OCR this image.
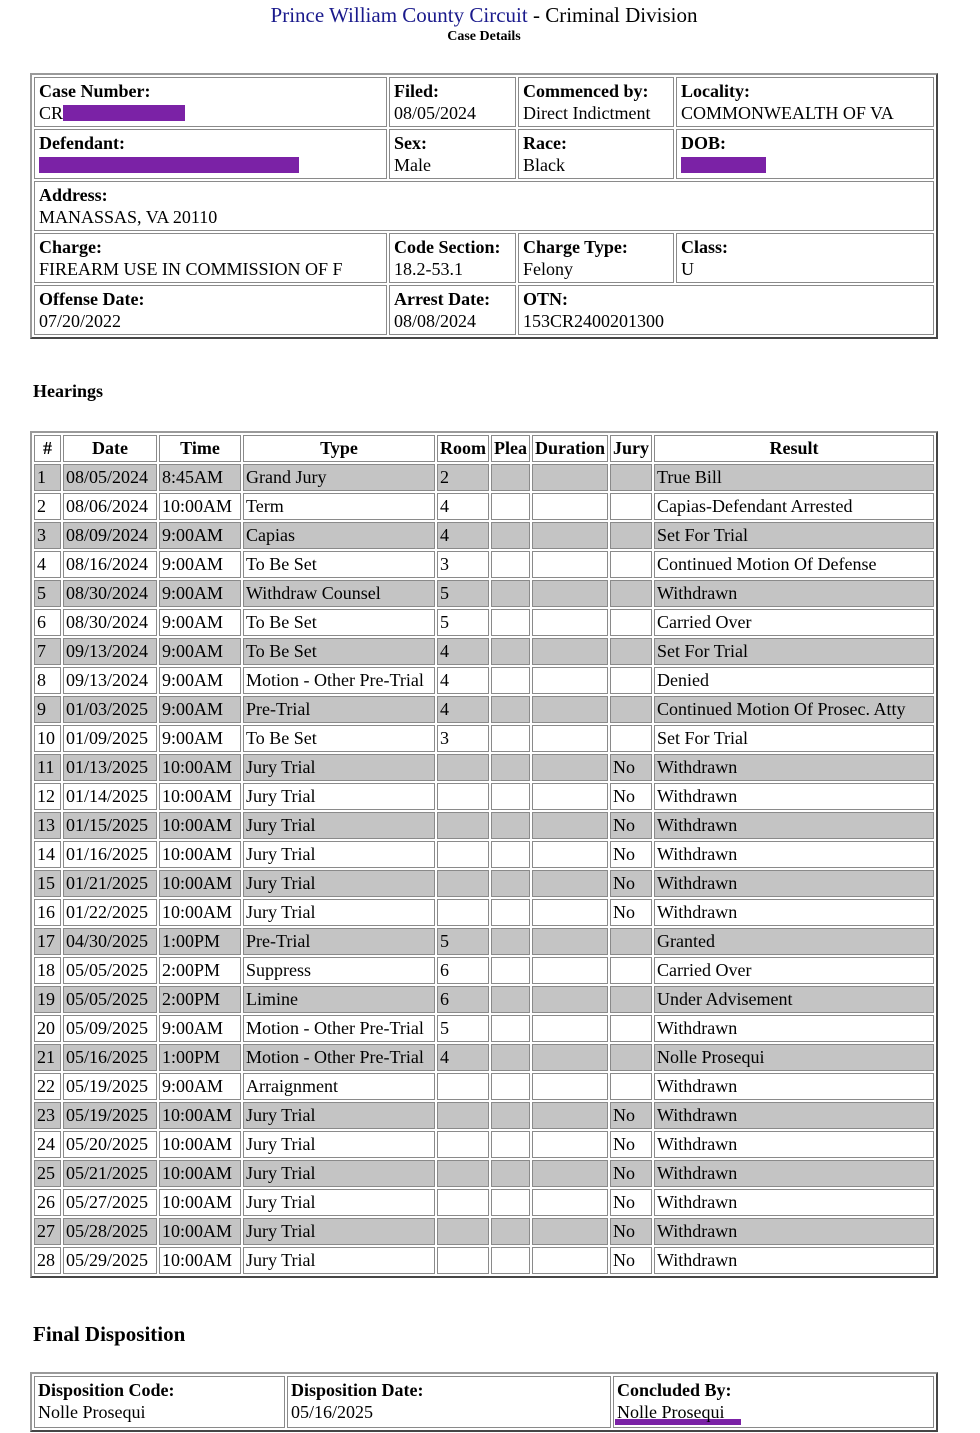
Prince William County Circuit - Criminal Division
Case Details
Case Number:
CR	Filed:
08/05/2024	Commenced by:
Direct Indictment	Locality:
COMMONWEALTH OF VA

Defendant:	Sex:
Male	Race:
Black	DOB:

Address:
MANASSAS, VA 20110			

Charge:
FIREARM USE IN COMMISSION OF F	Code Section:
18.2-53.1	Charge Type:
Felony	Class:
U

Offense Date:
07/20/2022	Arrest Date:
08/08/2024	OTN:
153CR2400201300	
Hearings
#	Date	Time	Type	Room	Plea	Duration	Jury	Result
1	08/05/2024	8:45AM	Grand Jury	2				True Bill
2	08/06/2024	10:00AM	Term	4				Capias-Defendant Arrested
3	08/09/2024	9:00AM	Capias	4				Set For Trial
4	08/16/2024	9:00AM	To Be Set	3				Continued Motion Of Defense
5	08/30/2024	9:00AM	Withdraw Counsel	5				Withdrawn
6	08/30/2024	9:00AM	To Be Set	5				Carried Over
7	09/13/2024	9:00AM	To Be Set	4				Set For Trial
8	09/13/2024	9:00AM	Motion - Other Pre-Trial	4				Denied
9	01/03/2025	9:00AM	Pre-Trial	4				Continued Motion Of Prosec. Atty
10	01/09/2025	9:00AM	To Be Set	3				Set For Trial
11	01/13/2025	10:00AM	Jury Trial				No	Withdrawn
12	01/14/2025	10:00AM	Jury Trial				No	Withdrawn
13	01/15/2025	10:00AM	Jury Trial				No	Withdrawn
14	01/16/2025	10:00AM	Jury Trial				No	Withdrawn
15	01/21/2025	10:00AM	Jury Trial				No	Withdrawn
16	01/22/2025	10:00AM	Jury Trial				No	Withdrawn
17	04/30/2025	1:00PM	Pre-Trial	5				Granted
18	05/05/2025	2:00PM	Suppress	6				Carried Over
19	05/05/2025	2:00PM	Limine	6				Under Advisement
20	05/09/2025	9:00AM	Motion - Other Pre-Trial	5				Withdrawn
21	05/16/2025	1:00PM	Motion - Other Pre-Trial	4				Nolle Prosequi
22	05/19/2025	9:00AM	Arraignment					Withdrawn
23	05/19/2025	10:00AM	Jury Trial				No	Withdrawn
24	05/20/2025	10:00AM	Jury Trial				No	Withdrawn
25	05/21/2025	10:00AM	Jury Trial				No	Withdrawn
26	05/27/2025	10:00AM	Jury Trial				No	Withdrawn
27	05/28/2025	10:00AM	Jury Trial				No	Withdrawn
28	05/29/2025	10:00AM	Jury Trial				No	Withdrawn
Final Disposition
Disposition Code:
Nolle Prosequi

Disposition Date:
05/16/2025

Concluded By:
Nolle Prosequi
